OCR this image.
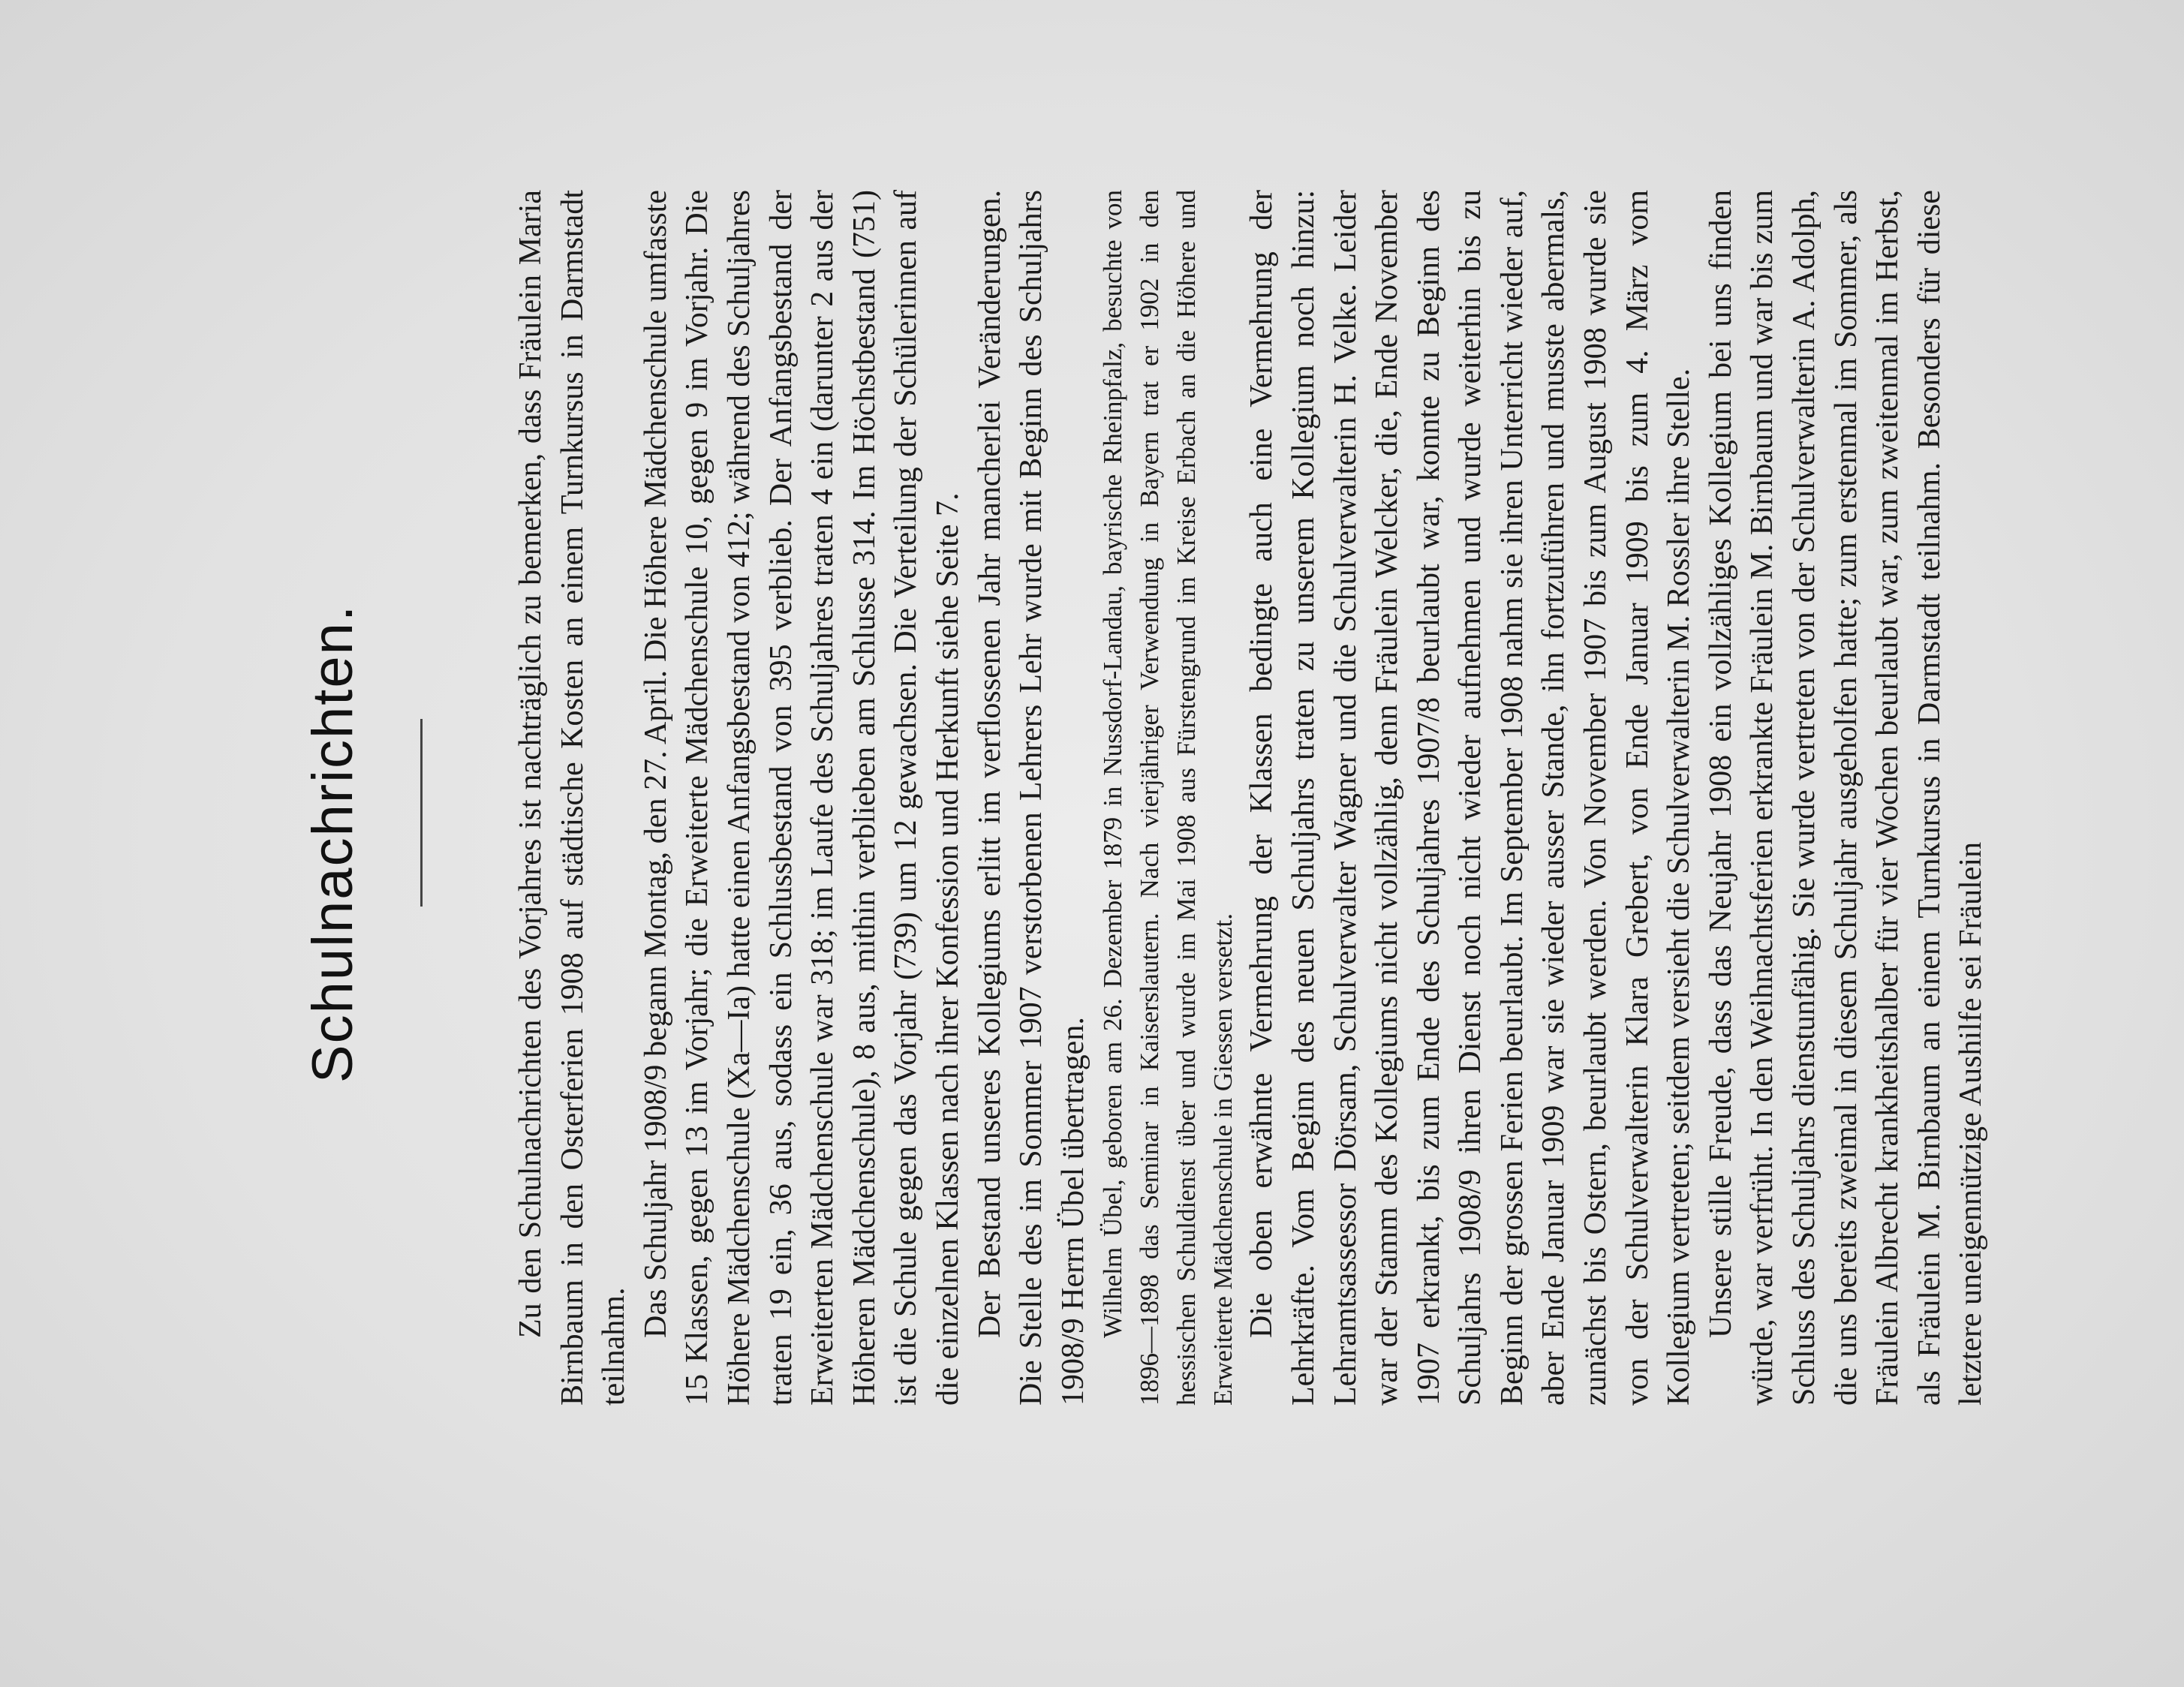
Schulnachrichten.	Zu den Schulnachrichten des Vorjahres ist nachträglich zu bemerken, dass Fräulein Maria Birnbaum in den Osterferien 1908 auf städtische Kosten an einem Turnkursus in Darmstadt teilnahm.

Das Schuljahr 1908/9 begann Montag, den 27. April. Die Höhere Mädchenschule umfasste 15 Klassen, gegen 13 im Vorjahr; die Erweiterte Mädchenschule 10, gegen 9 im Vorjahr. Die Höhere Mädchenschule (Xa—Ia) hatte einen Anfangsbestand von 412; während des Schuljahres traten 19 ein, 36 aus, sodass ein Schlussbestand von 395 verblieb. Der Anfangsbestand der Erweiterten Mädchenschule war 318; im Laufe des Schuljahres traten 4 ein (darunter 2 aus der Höheren Mädchenschule), 8 aus, mithin verblieben am Schlusse 314. Im Höchstbestand (751) ist die Schule gegen das Vorjahr (739) um 12 gewachsen. Die Verteilung der Schülerinnen auf die einzelnen Klassen nach ihrer Konfession und Herkunft siehe Seite 7. Der Bestand unseres Kollegiums erlitt im verflossenen Jahr mancherlei Veränderungen. Die Stelle des im Sommer 1907 verstorbenen Lehrers Lehr wurde mit Beginn des Schuljahrs 1908/9 Herrn Übel übertragen. Wilhelm Übel, geboren am 26. Dezember 1879 in Nussdorf-Landau, bayrische Rheinpfalz, besuchte von 1896—1898 das Seminar in Kaiserslautern. Nach vierjähriger Verwendung in Bayern trat er 1902 in den hessischen Schuldienst über und wurde im Mai 1908 aus Fürstengrund im Kreise Erbach an die Höhere und Erweiterte Mädchenschule in Giessen versetzt. Die oben erwähnte Vermehrung der Klassen bedingte auch eine Vermehrung der Lehrkräfte. Vom Beginn des neuen Schuljahrs traten zu unserem Kollegium noch hinzu: Lehramtsassessor Dörsam, Schulverwalter Wagner und die Schulverwalterin H. Velke. Leider war der Stamm des Kollegiums nicht vollzählig, denn Fräulein Welcker, die, Ende November 1907 erkrankt, bis zum Ende des Schuljahres 1907/8 beurlaubt war, konnte zu Beginn des Schuljahrs 1908/9 ihren Dienst noch nicht wieder aufnehmen und wurde weiterhin bis zu Beginn der grossen Ferien beurlaubt. Im September 1908 nahm sie ihren Unterricht wieder auf, aber Ende Januar 1909 war sie wieder ausser Stande, ihn fortzuführen und musste abermals, zunächst bis Ostern, beurlaubt werden. Von November 1907 bis zum August 1908 wurde sie von der Schulverwalterin Klara Grebert, von Ende Januar 1909 bis zum 4. März vom Kollegium vertreten; seitdem versieht die Schulverwalterin M. Rossler ihre Stelle. Unsere stille Freude, dass das Neujahr 1908 ein vollzähliges Kollegium bei uns finden würde, war verfrüht. In den Weihnachtsferien erkrankte Fräulein M. Birnbaum und war bis zum Schluss des Schuljahrs dienstunfähig. Sie wurde vertreten von der Schulverwalterin A. Adolph, die uns bereits zweimal in diesem Schuljahr ausgeholfen hatte; zum erstenmal im Sommer, als Fräulein Albrecht krankheitshalber für vier Wochen beurlaubt war, zum zweitenmal im Herbst, als Fräulein M. Birnbaum an einem Turnkursus in Darmstadt teilnahm. Besonders für diese letztere uneigennützige Aushilfe sei Fräulein
